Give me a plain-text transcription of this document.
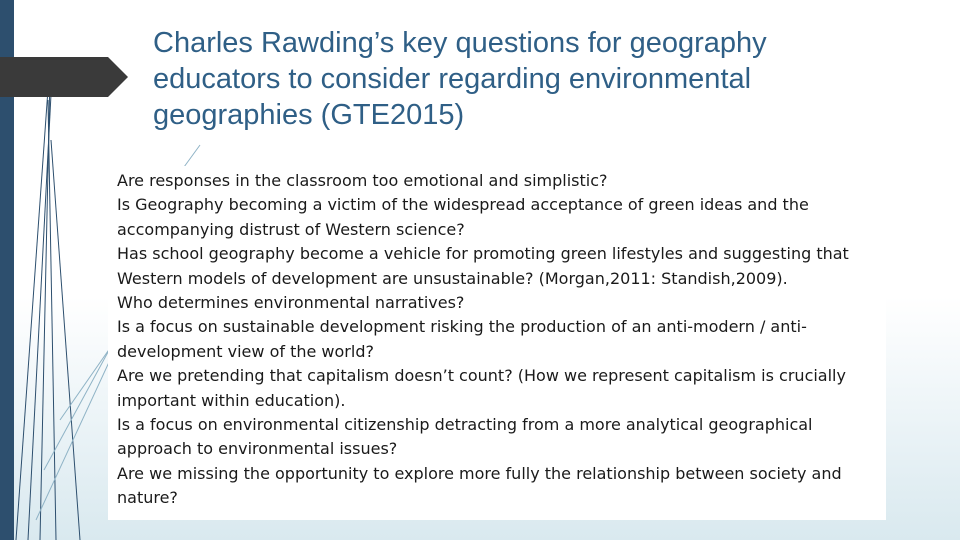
Charles Rawding’s key questions for geography educators to consider regarding environmental geographies (GTE2015)
Are responses in the classroom too emotional and simplistic?
Is Geography becoming a victim of the widespread acceptance of green ideas and the accompanying distrust of Western science?
Has school geography become a vehicle for promoting green lifestyles and suggesting that Western models of development are unsustainable? (Morgan,2011: Standish,2009).
Who determines environmental narratives?
Is a focus on sustainable development risking the production of an anti-modern / anti-development view of the world?
Are we pretending that capitalism doesn’t count? (How we represent capitalism is crucially important within education).
Is a focus on environmental citizenship detracting from a more analytical geographical approach to environmental issues?
Are we missing the opportunity to explore more fully the relationship between society and nature?
